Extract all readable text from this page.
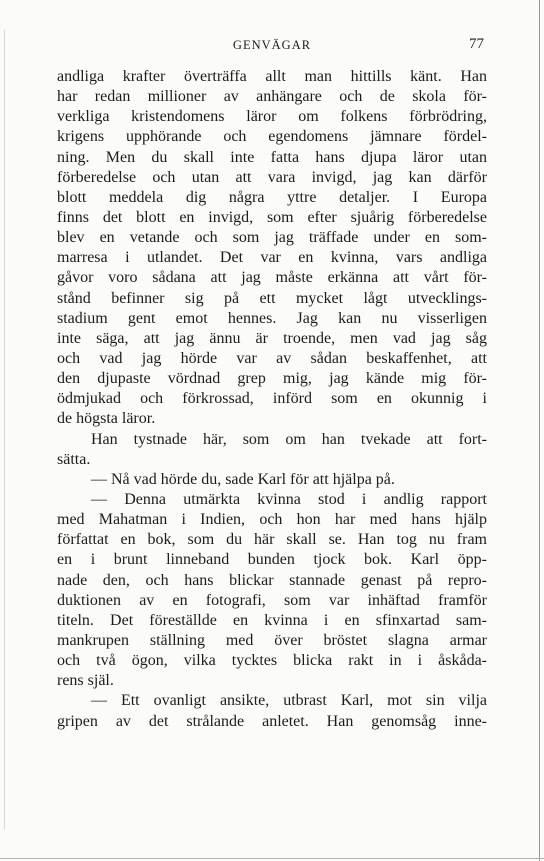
GENVÄGAR	77
andliga krafter överträffa allt man hittills känt. Han
har redan millioner av anhängare och de skola för-
verkliga kristendomens läror om folkens förbrödring,
krigens upphörande och egendomens jämnare fördel-
ning. Men du skall inte fatta hans djupa läror utan
förberedelse och utan att vara invigd, jag kan därför
blott meddela dig några yttre detaljer. I Europa
finns det blott en invigd, som efter sjuårig förberedelse
blev en vetande och som jag träffade under en som-
marresa i utlandet. Det var en kvinna, vars andliga
gåvor voro sådana att jag måste erkänna att vårt för-
stånd befinner sig på ett mycket lågt utvecklings-
stadium gent emot hennes. Jag kan nu visserligen
inte säga, att jag ännu är troende, men vad jag såg
och vad jag hörde var av sådan beskaffenhet, att
den djupaste vördnad grep mig, jag kände mig för-
ödmjukad och förkrossad, införd som en okunnig i
de högsta läror.
Han tystnade här, som om han tvekade att fort-
sätta.
— Nå vad hörde du, sade Karl för att hjälpa på.
— Denna utmärkta kvinna stod i andlig rapport
med Mahatman i Indien, och hon har med hans hjälp
författat en bok, som du här skall se. Han tog nu fram
en i brunt linneband bunden tjock bok. Karl öpp-
nade den, och hans blickar stannade genast på repro-
duktionen av en fotografi, som var inhäftad framför
titeln. Det föreställde en kvinna i en sfinxartad sam-
mankrupen ställning med över bröstet slagna armar
och två ögon, vilka tycktes blicka rakt in i åskåda-
rens själ.
— Ett ovanligt ansikte, utbrast Karl, mot sin vilja
gripen av det strålande anletet. Han genomsåg inne-
